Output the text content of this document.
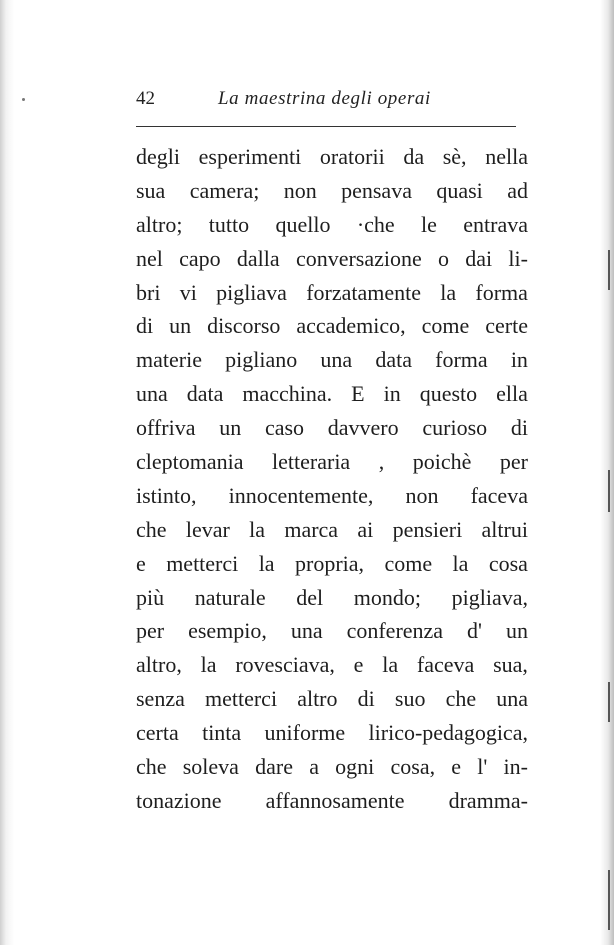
42	La maestrina degli operai
degli esperimenti oratorii da sè, nella
sua camera; non pensava quasi ad
altro; tutto quello ·che le entrava
nel capo dalla conversazione o dai li-
bri vi pigliava forzatamente la forma
di un discorso accademico, come certe
materie pigliano una data forma in
una data macchina. E in questo ella
offriva un caso davvero curioso di
cleptomania letteraria , poichè per
istinto, innocentemente, non faceva
che levar la marca ai pensieri altrui
e metterci la propria, come la cosa
più naturale del mondo; pigliava,
per esempio, una conferenza d' un
altro, la rovesciava, e la faceva sua,
senza metterci altro di suo che una
certa tinta uniforme lirico-pedagogica,
che soleva dare a ogni cosa, e l' in-
tonazione affannosamente dramma-
